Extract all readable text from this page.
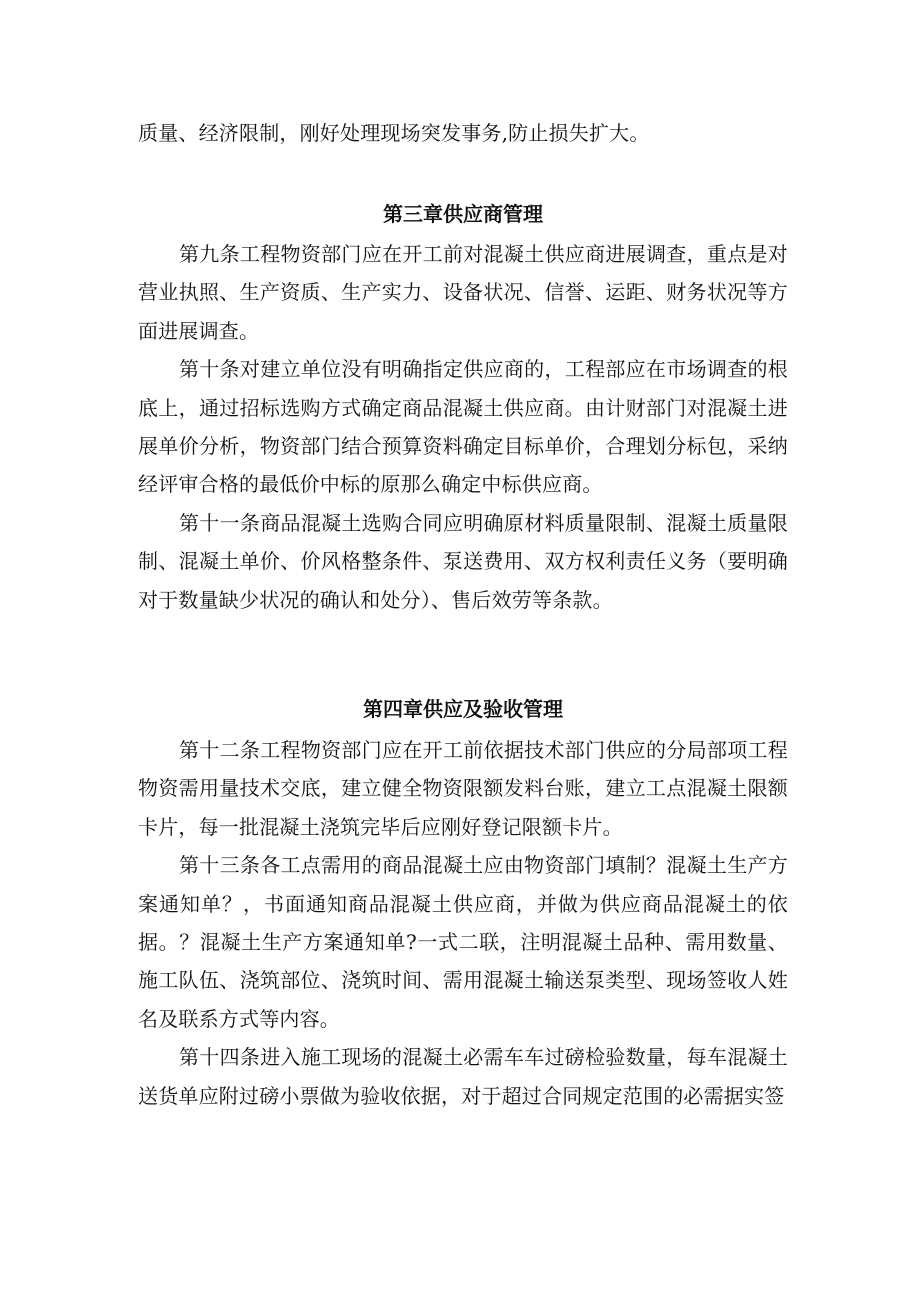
质量、经济限制，刚好处理现场突发事务,防止损失扩大。

第三章供应商管理

第九条工程物资部门应在开工前对混凝土供应商进展调查，重点是对营业执照、生产资质、生产实力、设备状况、信誉、运距、财务状况等方面进展调查。

第十条对建立单位没有明确指定供应商的，工程部应在市场调查的根底上，通过招标选购方式确定商品混凝土供应商。由计财部门对混凝土进展单价分析，物资部门结合预算资料确定目标单价，合理划分标包，采纳经评审合格的最低价中标的原那么确定中标供应商。

第十一条商品混凝土选购合同应明确原材料质量限制、混凝土质量限制、混凝土单价、价风格整条件、泵送费用、双方权利责任义务（要明确对于数量缺少状况的确认和处分）、售后效劳等条款。

第四章供应及验收管理

第十二条工程物资部门应在开工前依据技术部门供应的分局部项工程物资需用量技术交底，建立健全物资限额发料台账，建立工点混凝土限额卡片，每一批混凝土浇筑完毕后应刚好登记限额卡片。

第十三条各工点需用的商品混凝土应由物资部门填制？混凝土生产方案通知单？，书面通知商品混凝土供应商，并做为供应商品混凝土的依据。？混凝土生产方案通知单?一式二联，注明混凝土品种、需用数量、施工队伍、浇筑部位、浇筑时间、需用混凝土输送泵类型、现场签收人姓名及联系方式等内容。

第十四条进入施工现场的混凝土必需车车过磅检验数量，每车混凝土送货单应附过磅小票做为验收依据，对于超过合同规定范围的必需据实签
